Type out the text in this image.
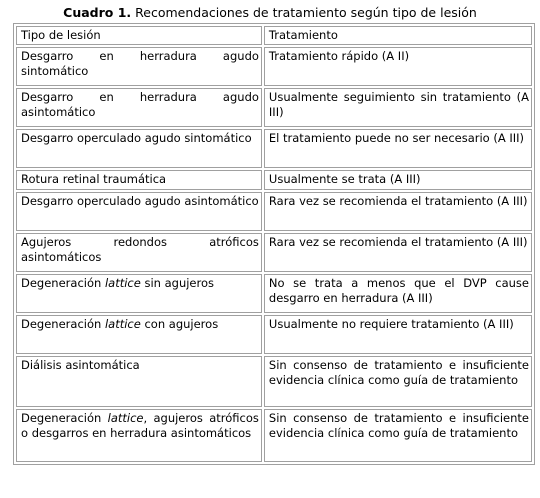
Cuadro 1. Recomendaciones de tratamiento según tipo de lesión
Tipo de lesión	Tratamiento
Desgarro en herradura agudo sintomático	Tratamiento rápido (A II)
Desgarro en herradura agudo asintomático	Usualmente seguimiento sin tratamiento (A III)
Desgarro operculado agudo sintomático	El tratamiento puede no ser necesario (A III)
Rotura retinal traumática	Usualmente se trata (A III)
Desgarro operculado agudo asintomático	Rara vez se recomienda el tratamiento (A III)
Agujeros redondos atróficos asintomáticos	Rara vez se recomienda el tratamiento (A III)
Degeneración lattice sin agujeros	No se trata a menos que el DVP cause desgarro en herradura (A III)
Degeneración lattice con agujeros	Usualmente no requiere tratamiento (A III)
Diálisis asintomática	Sin consenso de tratamiento e insuficiente evidencia clínica como guía de tratamiento
Degeneración lattice, agujeros atróficos o desgarros en herradura asintomáticos	Sin consenso de tratamiento e insuficiente evidencia clínica como guía de tratamiento
